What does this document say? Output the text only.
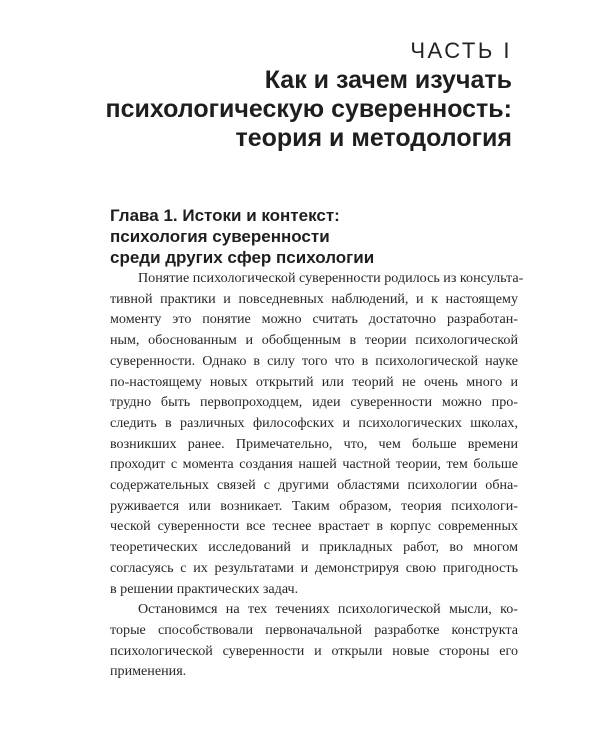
ЧАСТЬ I
Как и зачем изучать
психологическую суверенность:
теория и методология
Глава 1. Истоки и контекст:
психология суверенности
среди других сфер психологии

Понятие психологической суверенности родилось из консульта-
тивной практики и повседневных наблюдений, и к настоящему
моменту это понятие можно считать достаточно разработан-
ным, обоснованным и обобщенным в теории психологической
суверенности. Однако в силу того что в психологической науке
по-настоящему новых открытий или теорий не очень много и
трудно быть первопроходцем, идеи суверенности можно про-
следить в различных философских и психологических школах,
возникших ранее. Примечательно, что, чем больше времени
проходит с момента создания нашей частной теории, тем больше
содержательных связей с другими областями психологии обна-
руживается или возникает. Таким образом, теория психологи-
ческой суверенности все теснее врастает в корпус современных
теоретических исследований и прикладных работ, во многом
согласуясь с их результатами и демонстрируя свою пригодность
в решении практических задач.

Остановимся на тех течениях психологической мысли, ко-
торые способствовали первоначальной разработке конструкта
психологической суверенности и открыли новые стороны его
применения.
